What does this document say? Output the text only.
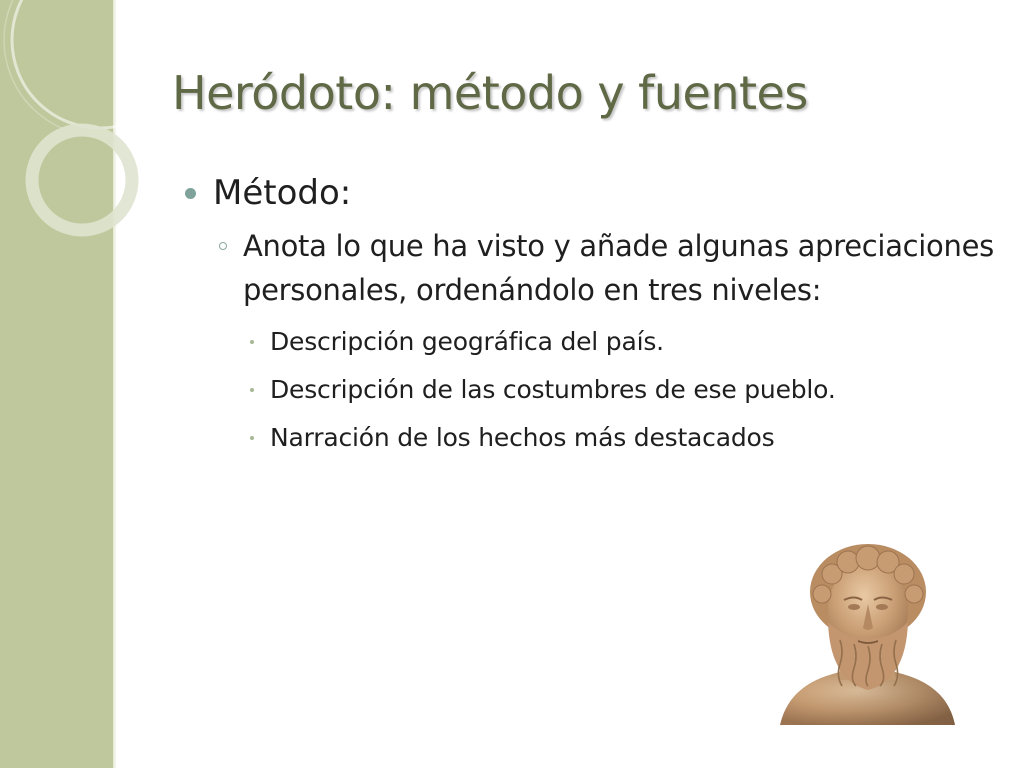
Heródoto: método y fuentes
Método:
Anota lo que ha visto y añade algunas apreciaciones personales, ordenándolo en tres niveles:
Descripción geográfica del país.
Descripción de las costumbres de ese pueblo.
Narración de los hechos más destacados
